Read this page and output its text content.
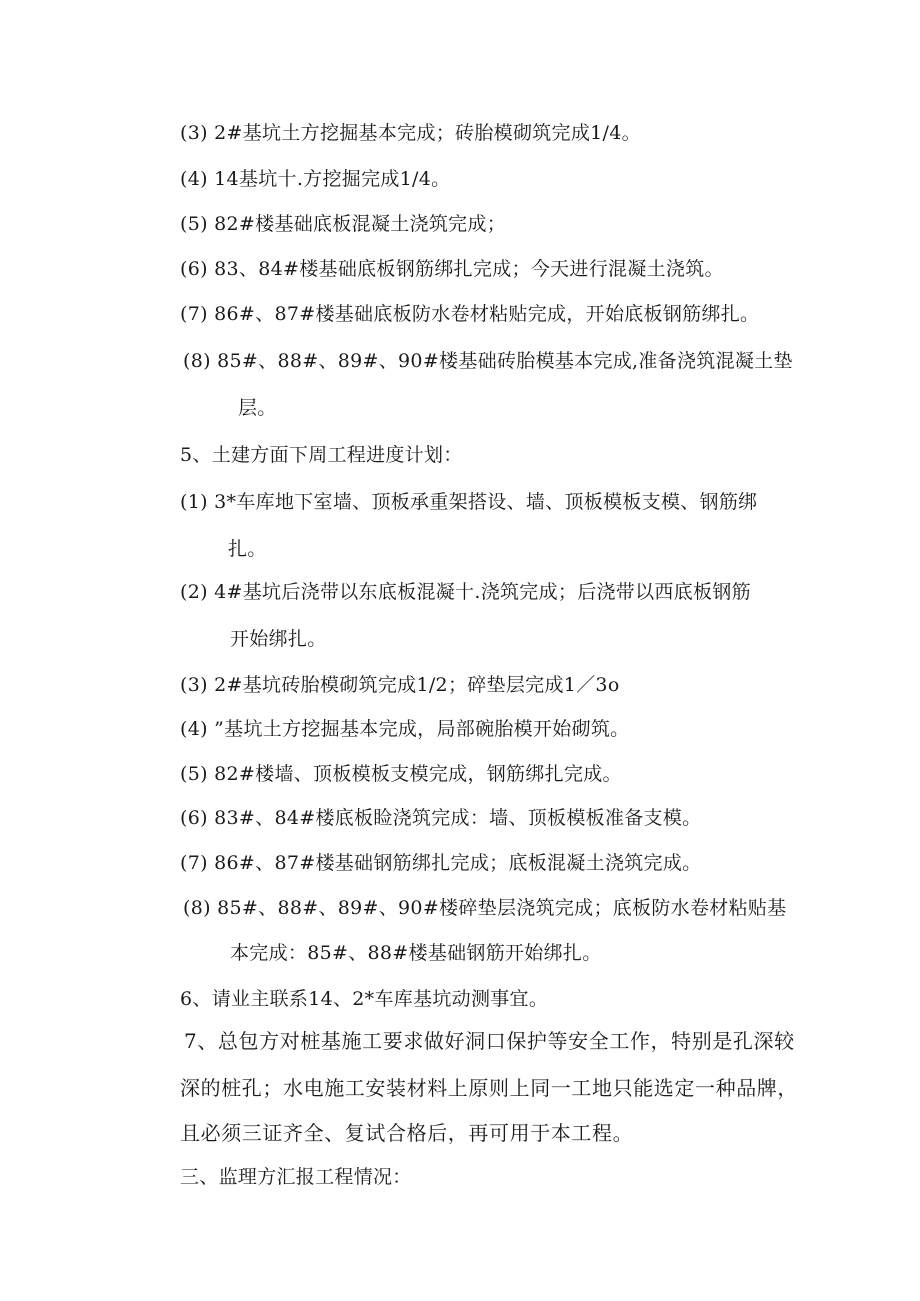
(3) 2#基坑土方挖掘基本完成；砖胎模砌筑完成1/4。
(4) 14基坑十.方挖掘完成1/4。
(5) 82#楼基础底板混凝土浇筑完成；
(6) 83、84#楼基础底板钢筋绑扎完成；今天进行混凝土浇筑。
(7) 86#、87#楼基础底板防水卷材粘贴完成，开始底板钢筋绑扎。
(8) 85#、88#、89#、90#楼基础砖胎模基本完成,准备浇筑混凝土垫
层。
5、土建方面下周工程进度计划：
(1) 3*车库地下室墙、顶板承重架搭设、墙、顶板模板支模、钢筋绑
扎。
(2) 4#基坑后浇带以东底板混凝十.浇筑完成；后浇带以西底板钢筋
开始绑扎。
(3) 2#基坑砖胎模砌筑完成1/2；碎垫层完成1／3o
(4) ”基坑土方挖掘基本完成，局部碗胎模开始砌筑。
(5) 82#楼墙、顶板模板支模完成，钢筋绑扎完成。
(6) 83#、84#楼底板睑浇筑完成：墙、顶板模板准备支模。
(7) 86#、87#楼基础钢筋绑扎完成；底板混凝土浇筑完成。
(8) 85#、88#、89#、90#楼碎垫层浇筑完成；底板防水卷材粘贴基
本完成：85#、88#楼基础钢筋开始绑扎。
6、请业主联系14、2*车库基坑动测事宜。
7、总包方对桩基施工要求做好洞口保护等安全工作，特别是孔深较
深的桩孔；水电施工安装材料上原则上同一工地只能选定一种品牌，
且必须三证齐全、复试合格后，再可用于本工程。
三、监理方汇报工程情况：
